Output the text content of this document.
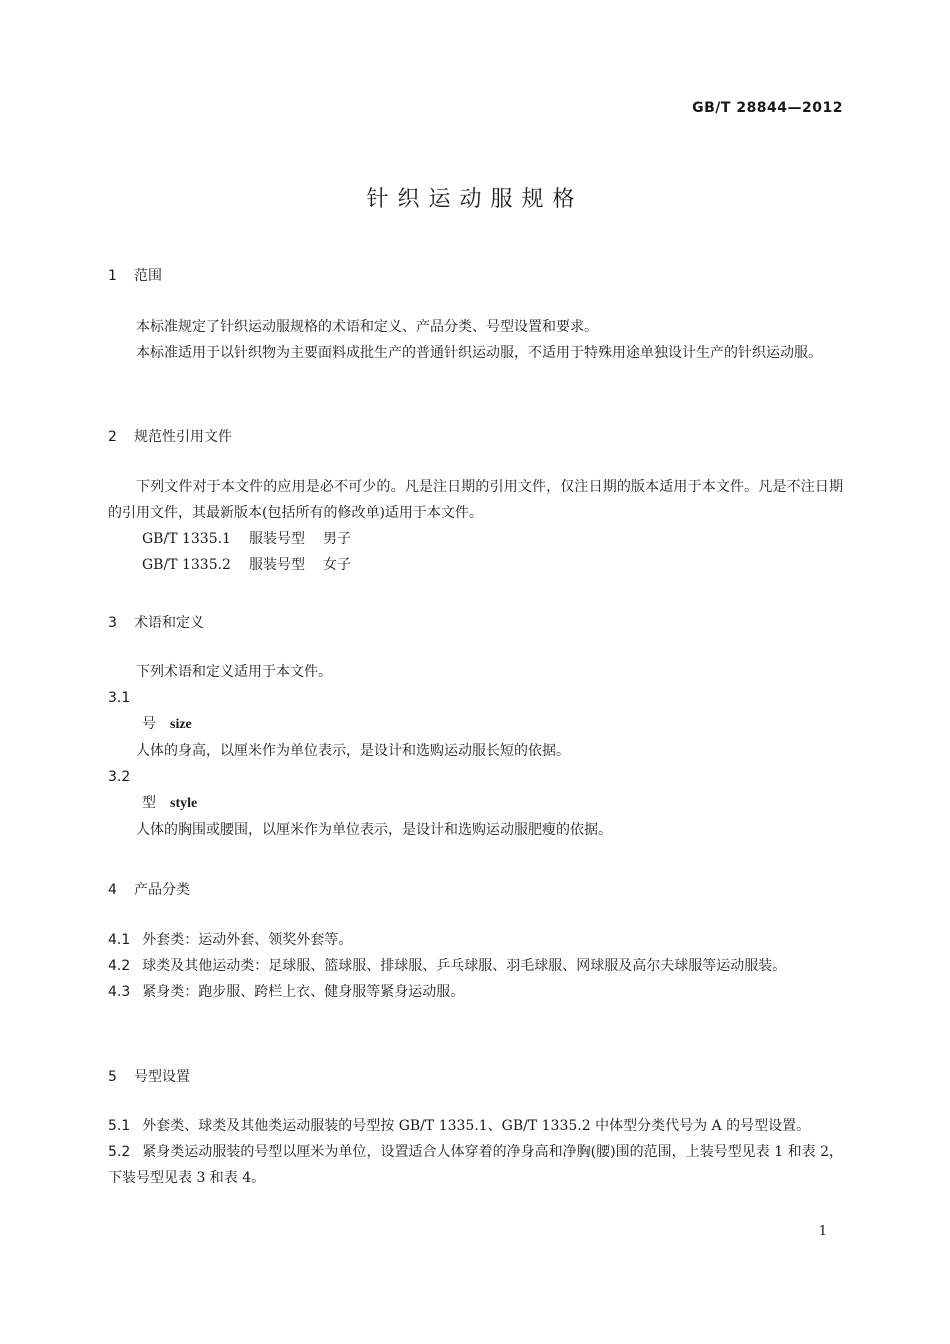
GB/T 28844—2012
针织运动服规格
1 范围
本标准规定了针织运动服规格的术语和定义、产品分类、号型设置和要求。
本标准适用于以针织物为主要面料成批生产的普通针织运动服，不适用于特殊用途单独设计生产的针织运动服。
2 规范性引用文件
下列文件对于本文件的应用是必不可少的。凡是注日期的引用文件，仅注日期的版本适用于本文件。凡是不注日期的引用文件，其最新版本(包括所有的修改单)适用于本文件。
GB/T 1335.1 服装号型 男子
GB/T 1335.2 服装号型 女子
3 术语和定义
下列术语和定义适用于本文件。
3.1
号 size
人体的身高，以厘米作为单位表示，是设计和选购运动服长短的依据。
3.2
型 style
人体的胸围或腰围，以厘米作为单位表示，是设计和选购运动服肥瘦的依据。
4 产品分类
4.1 外套类：运动外套、领奖外套等。
4.2 球类及其他运动类：足球服、篮球服、排球服、乒乓球服、羽毛球服、网球服及高尔夫球服等运动服装。
4.3 紧身类：跑步服、跨栏上衣、健身服等紧身运动服。
5 号型设置
5.1 外套类、球类及其他类运动服装的号型按 GB/T 1335.1、GB/T 1335.2 中体型分类代号为 A 的号型设置。
5.2 紧身类运动服装的号型以厘米为单位，设置适合人体穿着的净身高和净胸(腰)围的范围，上装号型见表 1 和表 2，下装号型见表 3 和表 4。
1
